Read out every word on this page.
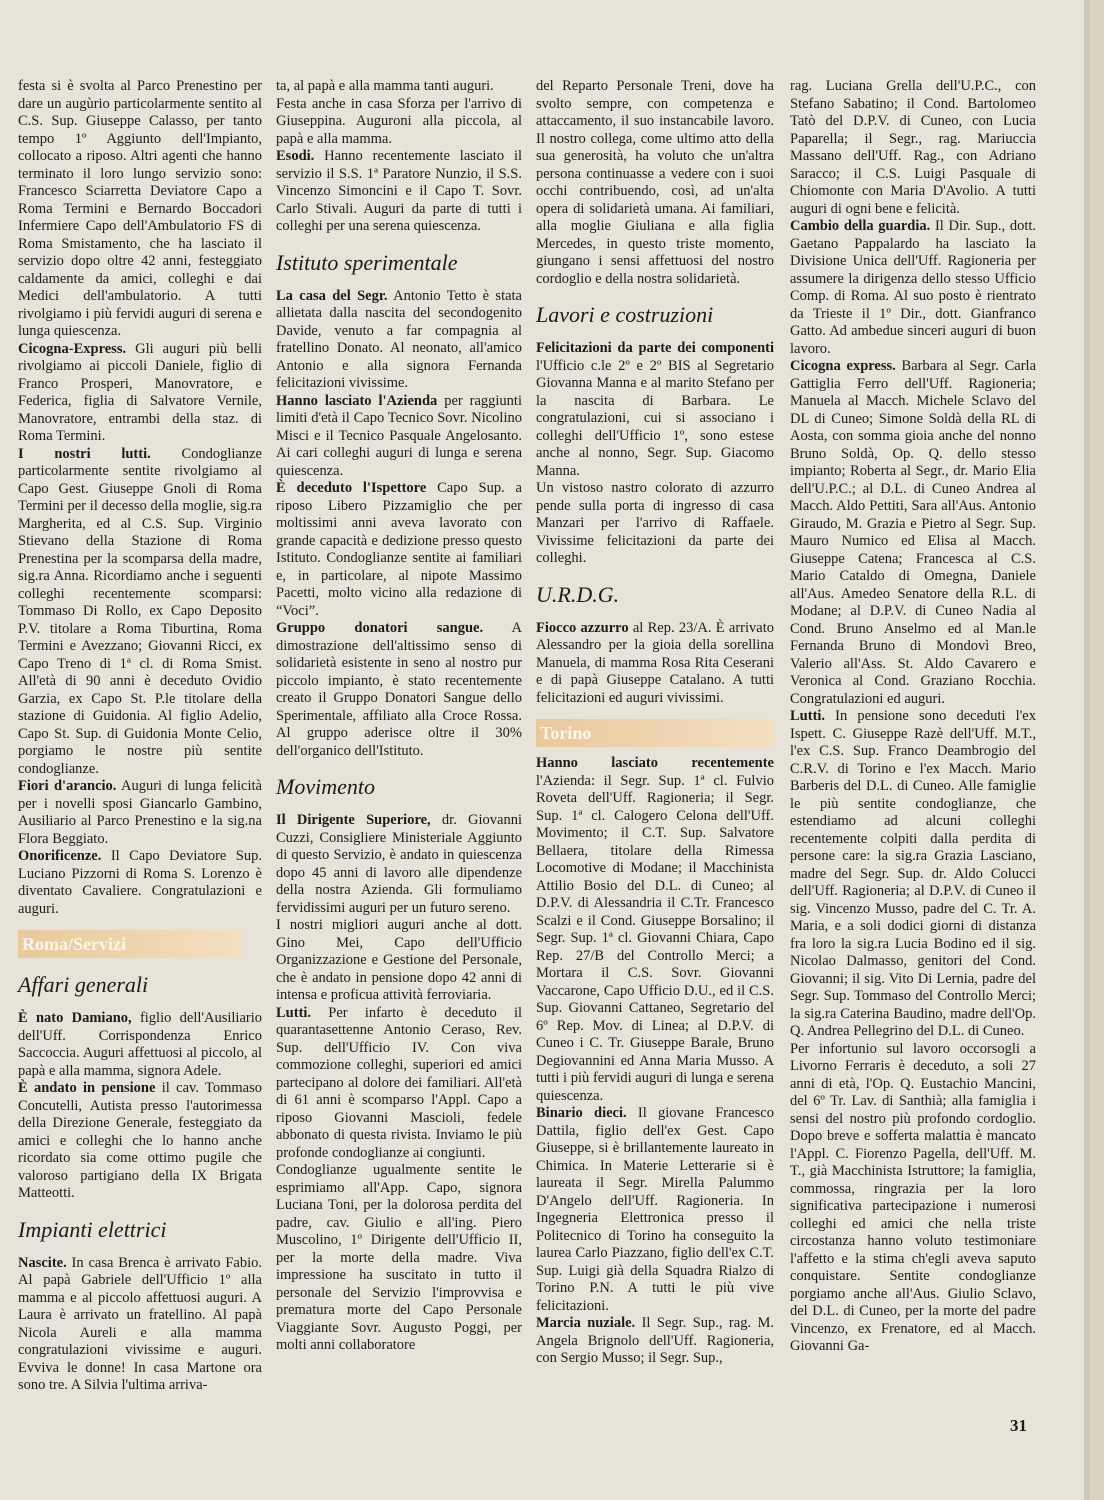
festa si è svolta al Parco Prenestino per dare un augùrio particolarmente sentito al C.S. Sup. Giuseppe Calasso, per tanto tempo 1º Aggiunto dell'Impianto, collocato a riposo. Altri agenti che hanno terminato il loro lungo servizio sono: Francesco Sciarretta Deviatore Capo a Roma Termini e Bernardo Boccadori Infermiere Capo dell'Ambulatorio FS di Roma Smistamento, che ha lasciato il servizio dopo oltre 42 anni, festeggiato caldamente da amici, colleghi e dai Medici dell'ambulatorio. A tutti rivolgiamo i più fervidi auguri di serena e lunga quiescenza.

Cicogna-Express. Gli auguri più belli rivolgiamo ai piccoli Daniele, figlio di Franco Prosperi, Manovratore, e Federica, figlia di Salvatore Vernile, Manovratore, entrambi della staz. di Roma Termini.

I nostri lutti. Condoglianze particolarmente sentite rivolgiamo al Capo Gest. Giuseppe Gnoli di Roma Termini per il decesso della moglie, sig.ra Margherita, ed al C.S. Sup. Virginio Stievano della Stazione di Roma Prenestina per la scomparsa della madre, sig.ra Anna. Ricordiamo anche i seguenti colleghi recentemente scomparsi: Tommaso Di Rollo, ex Capo Deposito P.V. titolare a Roma Tiburtina, Roma Termini e Avezzano; Giovanni Ricci, ex Capo Treno di 1ª cl. di Roma Smist. All'età di 90 anni è deceduto Ovidio Garzia, ex Capo St. P.le titolare della stazione di Guidonia. Al figlio Adelio, Capo St. Sup. di Guidonia Monte Celio, porgiamo le nostre più sentite condoglianze.

Fiori d'arancio. Auguri di lunga felicità per i novelli sposi Giancarlo Gambino, Ausiliario al Parco Prenestino e la sig.na Flora Beggiato.

Onorificenze. Il Capo Deviatore Sup. Luciano Pizzorni di Roma S. Lorenzo è diventato Cavaliere. Congratulazioni e auguri.

Roma/Servizi
Affari generali

È nato Damiano, figlio dell'Ausiliario dell'Uff. Corrispondenza Enrico Saccoccia. Auguri affettuosi al piccolo, al papà e alla mamma, signora Adele.

È andato in pensione il cav. Tommaso Concutelli, Autista presso l'autorimessa della Direzione Generale, festeggiato da amici e colleghi che lo hanno anche ricordato sia come ottimo pugile che valoroso partigiano della IX Brigata Matteotti.

Impianti elettrici

Nascite. In casa Brenca è arrivato Fabio. Al papà Gabriele dell'Ufficio 1º alla mamma e al piccolo affettuosi auguri. A Laura è arrivato un fratellino. Al papà Nicola Aureli e alla mamma congratulazioni vivissime e auguri. Evviva le donne! In casa Martone ora sono tre. A Silvia l'ultima arriva-

ta, al papà e alla mamma tanti auguri.

Festa anche in casa Sforza per l'arrivo di Giuseppina. Auguroni alla piccola, al papà e alla mamma.

Esodi. Hanno recentemente lasciato il servizio il S.S. 1ª Paratore Nunzio, il S.S. Vincenzo Simoncini e il Capo T. Sovr. Carlo Stivali. Auguri da parte di tutti i colleghi per una serena quiescenza.

Istituto sperimentale

La casa del Segr. Antonio Tetto è stata allietata dalla nascita del secondogenito Davide, venuto a far compagnia al fratellino Donato. Al neonato, all'amico Antonio e alla signora Fernanda felicitazioni vivissime.

Hanno lasciato l'Azienda per raggiunti limiti d'età il Capo Tecnico Sovr. Nicolino Misci e il Tecnico Pasquale Angelosanto. Ai cari colleghi auguri di lunga e serena quiescenza.

È deceduto l'Ispettore Capo Sup. a riposo Libero Pizzamiglio che per moltissimi anni aveva lavorato con grande capacità e dedizione presso questo Istituto. Condoglianze sentite ai familiari e, in particolare, al nipote Massimo Pacetti, molto vicino alla redazione di “Voci”.

Gruppo donatori sangue. A dimostrazione dell'altissimo senso di solidarietà esistente in seno al nostro pur piccolo impianto, è stato recentemente creato il Gruppo Donatori Sangue dello Sperimentale, affiliato alla Croce Rossa. Al gruppo aderisce oltre il 30% dell'organico dell'Istituto.

Movimento

Il Dirigente Superiore, dr. Giovanni Cuzzi, Consigliere Ministeriale Aggiunto di questo Servizio, è andato in quiescenza dopo 45 anni di lavoro alle dipendenze della nostra Azienda. Gli formuliamo fervidissimi auguri per un futuro sereno.

I nostri migliori auguri anche al dott. Gino Mei, Capo dell'Ufficio Organizzazione e Gestione del Personale, che è andato in pensione dopo 42 anni di intensa e proficua attività ferroviaria.

Lutti. Per infarto è deceduto il quarantasettenne Antonio Ceraso, Rev. Sup. dell'Ufficio IV. Con viva commozione colleghi, superiori ed amici partecipano al dolore dei familiari. All'età di 61 anni è scomparso l'Appl. Capo a riposo Giovanni Mascioli, fedele abbonato di questa rivista. Inviamo le più profonde condoglianze ai congiunti.

Condoglianze ugualmente sentite le esprimiamo all'App. Capo, signora Luciana Toni, per la dolorosa perdita del padre, cav. Giulio e all'ing. Piero Muscolino, 1º Dirigente dell'Ufficio II, per la morte della madre. Viva impressione ha suscitato in tutto il personale del Servizio l'improvvisa e prematura morte del Capo Personale Viaggiante Sovr. Augusto Poggi, per molti anni collaboratore

del Reparto Personale Treni, dove ha svolto sempre, con competenza e attaccamento, il suo instancabile lavoro. Il nostro collega, come ultimo atto della sua generosità, ha voluto che un'altra persona continuasse a vedere con i suoi occhi contribuendo, così, ad un'alta opera di solidarietà umana. Ai familiari, alla moglie Giuliana e alla figlia Mercedes, in questo triste momento, giungano i sensi affettuosi del nostro cordoglio e della nostra solidarietà.

Lavori e costruzioni

Felicitazioni da parte dei componenti l'Ufficio c.le 2º e 2º BIS al Segretario Giovanna Manna e al marito Stefano per la nascita di Barbara. Le congratulazioni, cui si associano i colleghi dell'Ufficio 1º, sono estese anche al nonno, Segr. Sup. Giacomo Manna.

Un vistoso nastro colorato di azzurro pende sulla porta di ingresso di casa Manzari per l'arrivo di Raffaele. Vivissime felicitazioni da parte dei colleghi.

U.R.D.G.

Fiocco azzurro al Rep. 23/A. È arrivato Alessandro per la gioia della sorellina Manuela, di mamma Rosa Rita Ceserani e di papà Giuseppe Catalano. A tutti felicitazioni ed auguri vivissimi.

Torino

Hanno lasciato recentemente l'Azienda: il Segr. Sup. 1ª cl. Fulvio Roveta dell'Uff. Ragioneria; il Segr. Sup. 1ª cl. Calogero Celona dell'Uff. Movimento; il C.T. Sup. Salvatore Bellaera, titolare della Rimessa Locomotive di Modane; il Macchinista Attilio Bosio del D.L. di Cuneo; al D.P.V. di Alessandria il C.Tr. Francesco Scalzi e il Cond. Giuseppe Borsalino; il Segr. Sup. 1ª cl. Giovanni Chiara, Capo Rep. 27/B del Controllo Merci; a Mortara il C.S. Sovr. Giovanni Vaccarone, Capo Ufficio D.U., ed il C.S. Sup. Giovanni Cattaneo, Segretario del 6º Rep. Mov. di Linea; al D.P.V. di Cuneo i C. Tr. Giuseppe Barale, Bruno Degiovannini ed Anna Maria Musso. A tutti i più fervidi auguri di lunga e serena quiescenza.

Binario dieci. Il giovane Francesco Dattila, figlio dell'ex Gest. Capo Giuseppe, si è brillantemente laureato in Chimica. In Materie Letterarie si è laureata il Segr. Mirella Palummo D'Angelo dell'Uff. Ragioneria. In Ingegneria Elettronica presso il Politecnico di Torino ha conseguito la laurea Carlo Piazzano, figlio dell'ex C.T. Sup. Luigi già della Squadra Rialzo di Torino P.N. A tutti le più vive felicitazioni.

Marcia nuziale. Il Segr. Sup., rag. M. Angela Brignolo dell'Uff. Ragioneria, con Sergio Musso; il Segr. Sup.,

rag. Luciana Grella dell'U.P.C., con Stefano Sabatino; il Cond. Bartolomeo Tatò del D.P.V. di Cuneo, con Lucia Paparella; il Segr., rag. Mariuccia Massano dell'Uff. Rag., con Adriano Saracco; il C.S. Luigi Pasquale di Chiomonte con Maria D'Avolio. A tutti auguri di ogni bene e felicità.

Cambio della guardia. Il Dir. Sup., dott. Gaetano Pappalardo ha lasciato la Divisione Unica dell'Uff. Ragioneria per assumere la dirigenza dello stesso Ufficio Comp. di Roma. Al suo posto è rientrato da Trieste il 1º Dir., dott. Gianfranco Gatto. Ad ambedue sinceri auguri di buon lavoro.

Cicogna express. Barbara al Segr. Carla Gattiglia Ferro dell'Uff. Ragioneria; Manuela al Macch. Michele Sclavo del DL di Cuneo; Simone Soldà della RL di Aosta, con somma gioia anche del nonno Bruno Soldà, Op. Q. dello stesso impianto; Roberta al Segr., dr. Mario Elia dell'U.P.C.; al D.L. di Cuneo Andrea al Macch. Aldo Pettiti, Sara all'Aus. Antonio Giraudo, M. Grazia e Pietro al Segr. Sup. Mauro Numico ed Elisa al Macch. Giuseppe Catena; Francesca al C.S. Mario Cataldo di Omegna, Daniele all'Aus. Amedeo Senatore della R.L. di Modane; al D.P.V. di Cuneo Nadia al Cond. Bruno Anselmo ed al Man.le Fernanda Bruno di Mondovì Breo, Valerio all'Ass. St. Aldo Cavarero e Veronica al Cond. Graziano Rocchia. Congratulazioni ed auguri.

Lutti. In pensione sono deceduti l'ex Ispett. C. Giuseppe Razè dell'Uff. M.T., l'ex C.S. Sup. Franco Deambrogio del C.R.V. di Torino e l'ex Macch. Mario Barberis del D.L. di Cuneo. Alle famiglie le più sentite condoglianze, che estendiamo ad alcuni colleghi recentemente colpiti dalla perdita di persone care: la sig.ra Grazia Lasciano, madre del Segr. Sup. dr. Aldo Colucci dell'Uff. Ragioneria; al D.P.V. di Cuneo il sig. Vincenzo Musso, padre del C. Tr. A. Maria, e a soli dodici giorni di distanza fra loro la sig.ra Lucia Bodino ed il sig. Nicolao Dalmasso, genitori del Cond. Giovanni; il sig. Vito Di Lernia, padre del Segr. Sup. Tommaso del Controllo Merci; la sig.ra Caterina Baudino, madre dell'Op. Q. Andrea Pellegrino del D.L. di Cuneo.

Per infortunio sul lavoro occorsogli a Livorno Ferraris è deceduto, a soli 27 anni di età, l'Op. Q. Eustachio Mancini, del 6º Tr. Lav. di Santhià; alla famiglia i sensi del nostro più profondo cordoglio. Dopo breve e sofferta malattia è mancato l'Appl. C. Fiorenzo Pagella, dell'Uff. M. T., già Macchinista Istruttore; la famiglia, commossa, ringrazia per la loro significativa partecipazione i numerosi colleghi ed amici che nella triste circostanza hanno voluto testimoniare l'affetto e la stima ch'egli aveva saputo conquistare. Sentite condoglianze porgiamo anche all'Aus. Giulio Sclavo, del D.L. di Cuneo, per la morte del padre Vincenzo, ex Frenatore, ed al Macch. Giovanni Ga-

31
